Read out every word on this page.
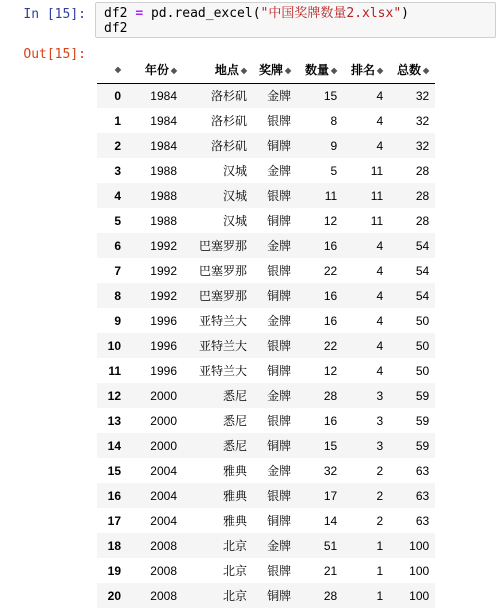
In [15]:	df2 = pd.read_excel("中国奖牌数量2.xlsx")
df2
Out[15]:
◆	年份 ◆	地点 ◆	奖牌 ◆	数量 ◆	排名 ◆	总数 ◆
0	1984	洛杉矶	金牌	15	4	32
1	1984	洛杉矶	银牌	8	4	32
2	1984	洛杉矶	铜牌	9	4	32
3	1988	汉城	金牌	5	11	28
4	1988	汉城	银牌	11	11	28
5	1988	汉城	铜牌	12	11	28
6	1992	巴塞罗那	金牌	16	4	54
7	1992	巴塞罗那	银牌	22	4	54
8	1992	巴塞罗那	铜牌	16	4	54
9	1996	亚特兰大	金牌	16	4	50
10	1996	亚特兰大	银牌	22	4	50
11	1996	亚特兰大	铜牌	12	4	50
12	2000	悉尼	金牌	28	3	59
13	2000	悉尼	银牌	16	3	59
14	2000	悉尼	铜牌	15	3	59
15	2004	雅典	金牌	32	2	63
16	2004	雅典	银牌	17	2	63
17	2004	雅典	铜牌	14	2	63
18	2008	北京	金牌	51	1	100
19	2008	北京	银牌	21	1	100
20	2008	北京	铜牌	28	1	100
